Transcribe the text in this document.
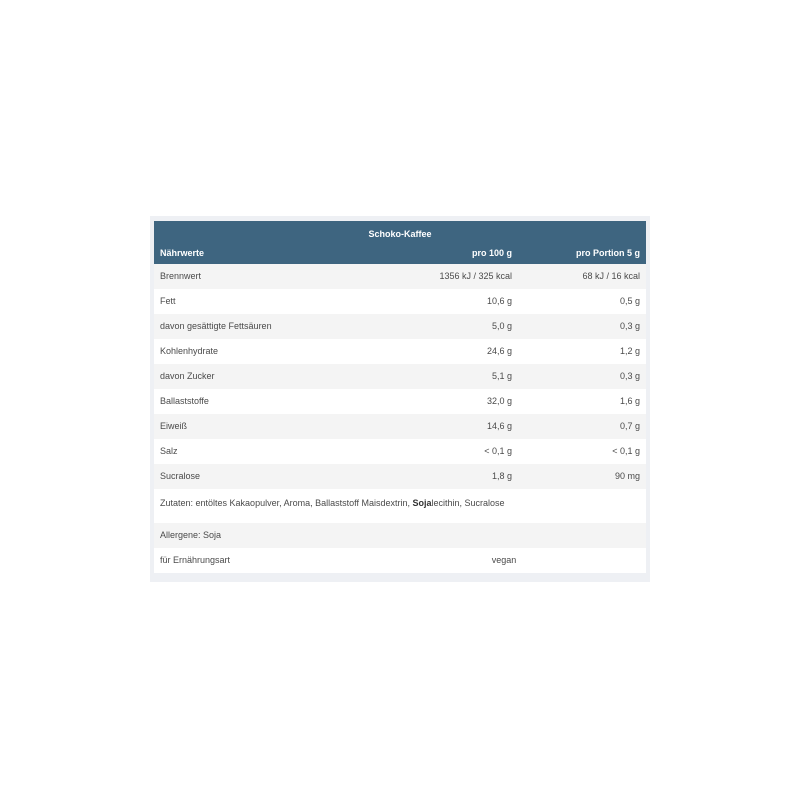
Schoko-Kaffee
Nährwerte	pro 100 g	pro Portion 5 g
Brennwert	1356 kJ / 325 kcal	68 kJ / 16 kcal
Fett	10,6 g	0,5 g
davon gesättigte Fettsäuren	5,0 g	0,3 g
Kohlenhydrate	24,6 g	1,2 g
davon Zucker	5,1 g	0,3 g
Ballaststoffe	32,0 g	1,6 g
Eiweiß	14,6 g	0,7 g
Salz	< 0,1 g	< 0,1 g
Sucralose	1,8 g	90 mg
Zutaten: entöltes Kakaopulver, Aroma, Ballaststoff Maisdextrin, Sojalecithin, Sucralose
Allergene: Soja
für Ernährungsart	vegan
